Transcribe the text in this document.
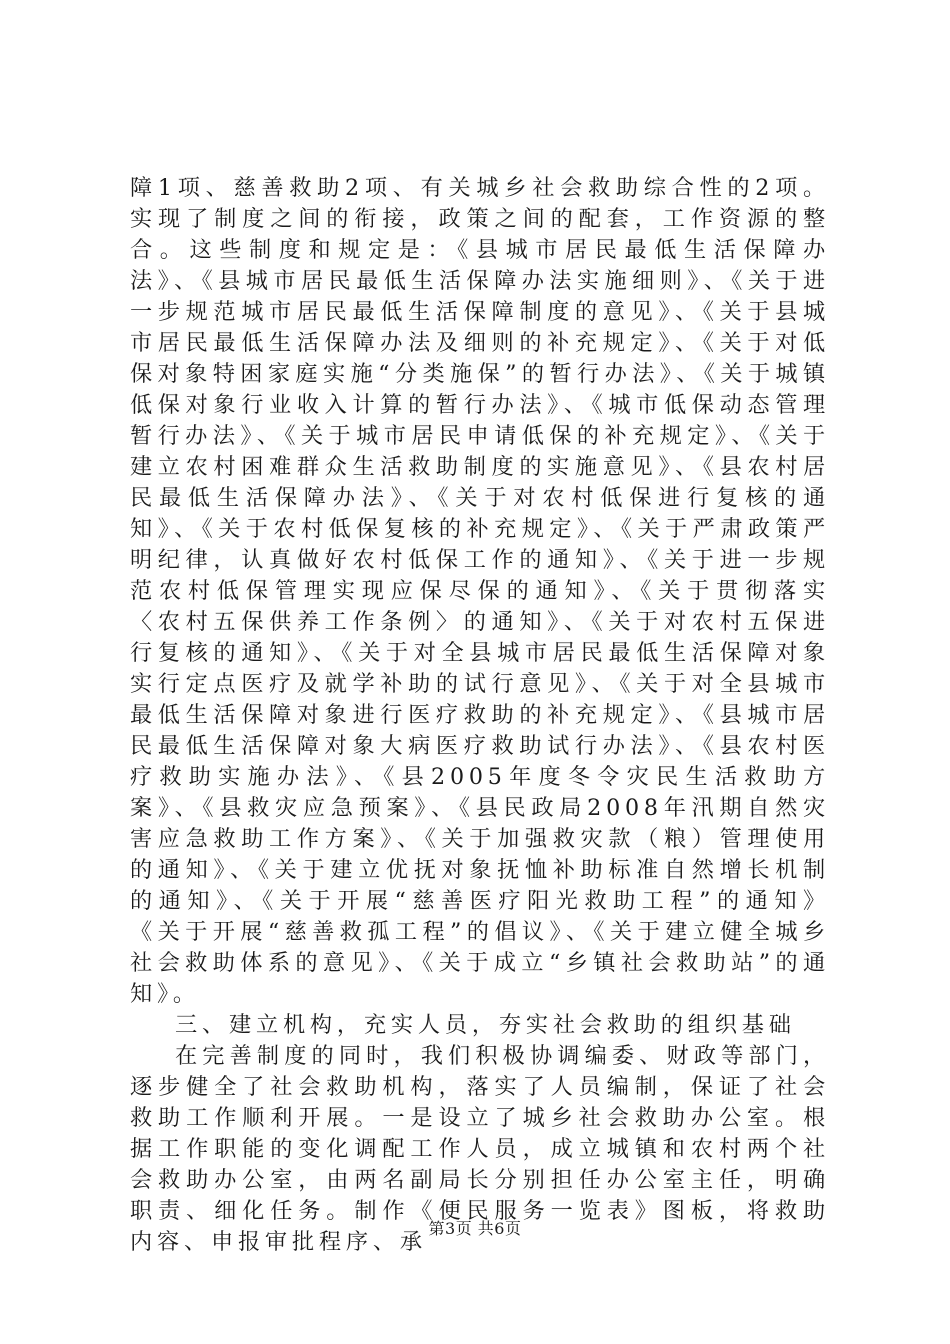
障1项、慈善救助2项、有关城乡社会救助综合性的2项。实现了制度之间的衔接，政策之间的配套，工作资源的整合。这些制度和规定是：《县城市居民最低生活保障办法》、《县城市居民最低生活保障办法实施细则》、《关于进一步规范城市居民最低生活保障制度的意见》、《关于县城市居民最低生活保障办法及细则的补充规定》、《关于对低保对象特困家庭实施“分类施保”的暂行办法》、《关于城镇低保对象行业收入计算的暂行办法》、《城市低保动态管理暂行办法》、《关于城市居民申请低保的补充规定》、《关于建立农村困难群众生活救助制度的实施意见》、《县农村居民最低生活保障办法》、《关于对农村低保进行复核的通知》、《关于农村低保复核的补充规定》、《关于严肃政策严明纪律，认真做好农村低保工作的通知》、《关于进一步规范农村低保管理实现应保尽保的通知》、《关于贯彻落实〈农村五保供养工作条例〉的通知》、《关于对农村五保进行复核的通知》、《关于对全县城市居民最低生活保障对象实行定点医疗及就学补助的试行意见》、《关于对全县城市最低生活保障对象进行医疗救助的补充规定》、《县城市居民最低生活保障对象大病医疗救助试行办法》、《县农村医疗救助实施办法》、《县2005年度冬令灾民生活救助方案》、《县救灾应急预案》、《县民政局2008年汛期自然灾害应急救助工作方案》、《关于加强救灾款（粮）管理使用的通知》、《关于建立优抚对象抚恤补助标准自然增长机制的通知》、《关于开展“慈善医疗阳光救助工程”的通知》《关于开展“慈善救孤工程”的倡议》、《关于建立健全城乡社会救助体系的意见》、《关于成立“乡镇社会救助站”的通知》。

三、建立机构，充实人员，夯实社会救助的组织基础

在完善制度的同时，我们积极协调编委、财政等部门，逐步健全了社会救助机构，落实了人员编制，保证了社会救助工作顺利开展。一是设立了城乡社会救助办公室。根据工作职能的变化调配工作人员，成立城镇和农村两个社会救助办公室，由两名副局长分别担任办公室主任，明确职责、细化任务。制作《便民服务一览表》图板，将救助内容、申报审批程序、承

第3页 共6页
